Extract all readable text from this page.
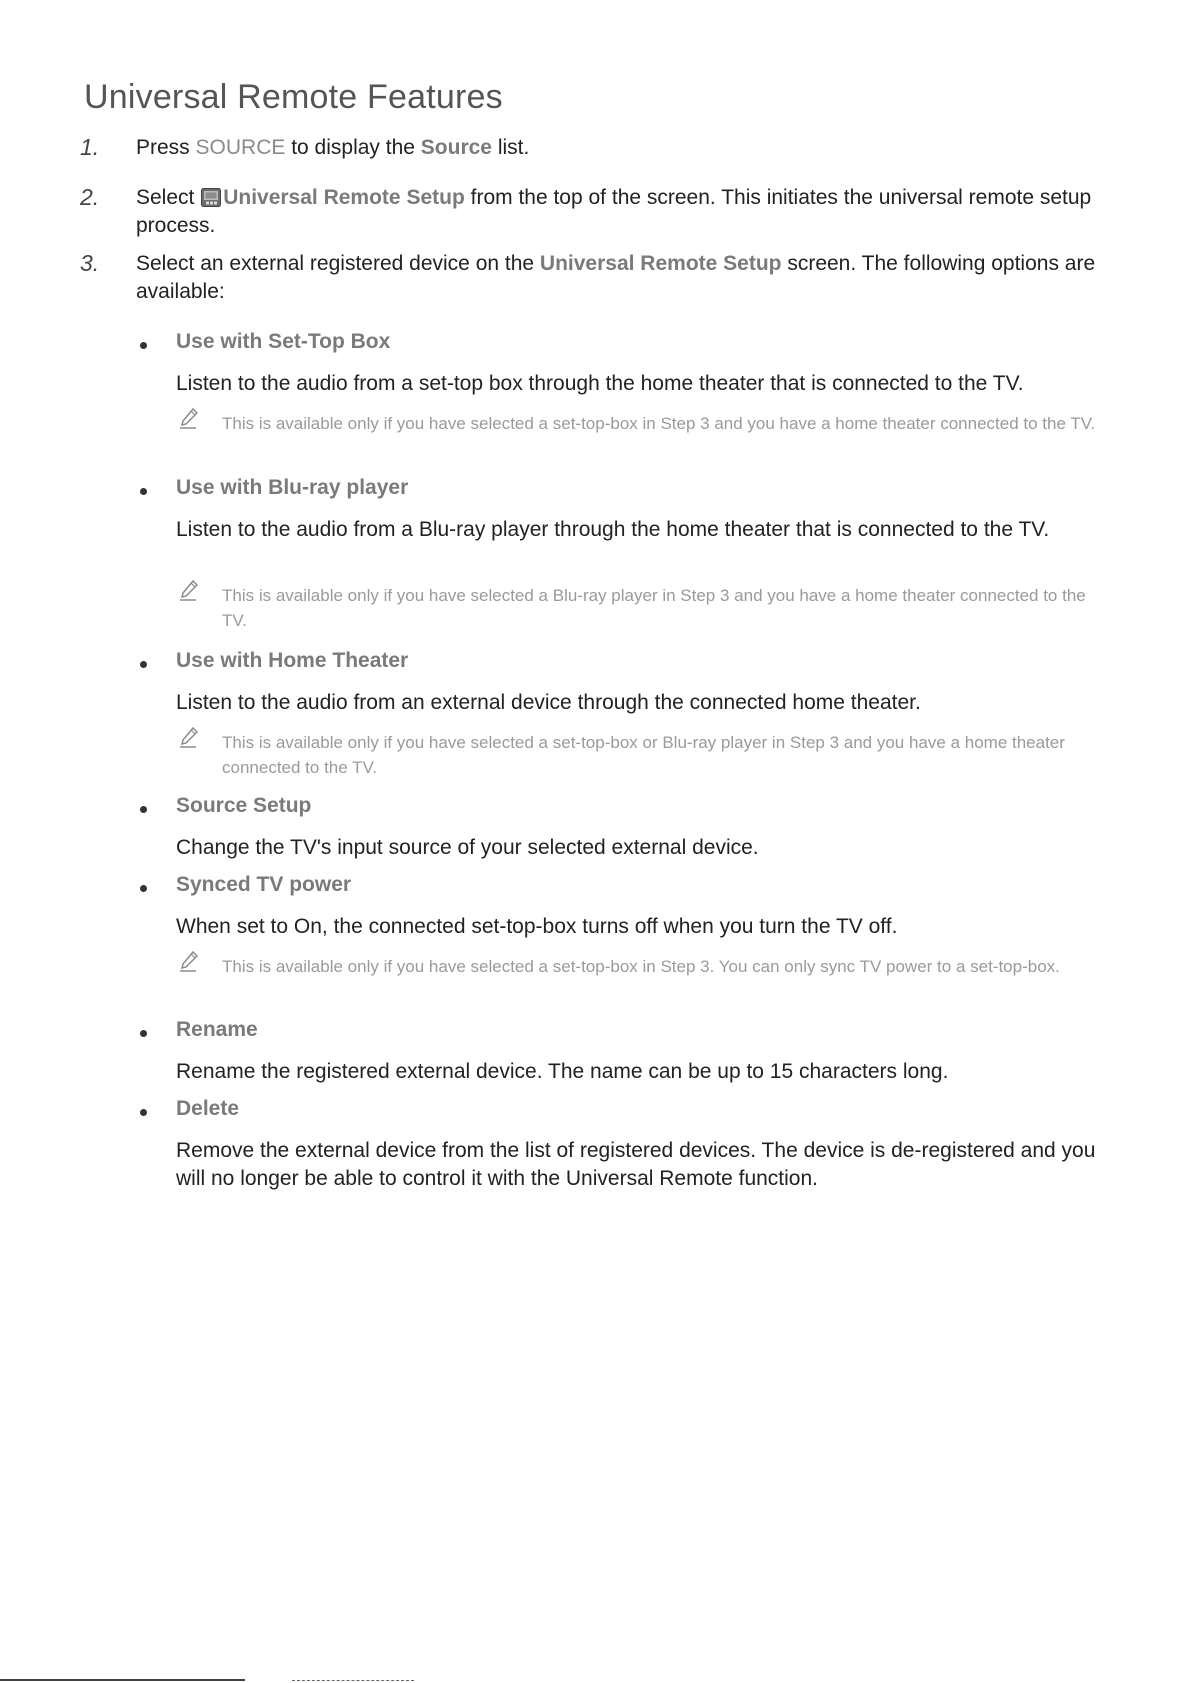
Universal Remote Features
1. Press SOURCE to display the Source list.
2. Select Universal Remote Setup from the top of the screen. This initiates the universal remote setup process.
3. Select an external registered device on the Universal Remote Setup screen. The following options are available:
Use with Set-Top Box
Listen to the audio from a set-top box through the home theater that is connected to the TV.
This is available only if you have selected a set-top-box in Step 3 and you have a home theater connected to the TV.
Use with Blu-ray player
Listen to the audio from a Blu-ray player through the home theater that is connected to the TV.
This is available only if you have selected a Blu-ray player in Step 3 and you have a home theater connected to the TV.
Use with Home Theater
Listen to the audio from an external device through the connected home theater.
This is available only if you have selected a set-top-box or Blu-ray player in Step 3 and you have a home theater connected to the TV.
Source Setup
Change the TV's input source of your selected external device.
Synced TV power
When set to On, the connected set-top-box turns off when you turn the TV off.
This is available only if you have selected a set-top-box in Step 3. You can only sync TV power to a set-top-box.
Rename
Rename the registered external device. The name can be up to 15 characters long.
Delete
Remove the external device from the list of registered devices. The device is de-registered and you will no longer be able to control it with the Universal Remote function.
